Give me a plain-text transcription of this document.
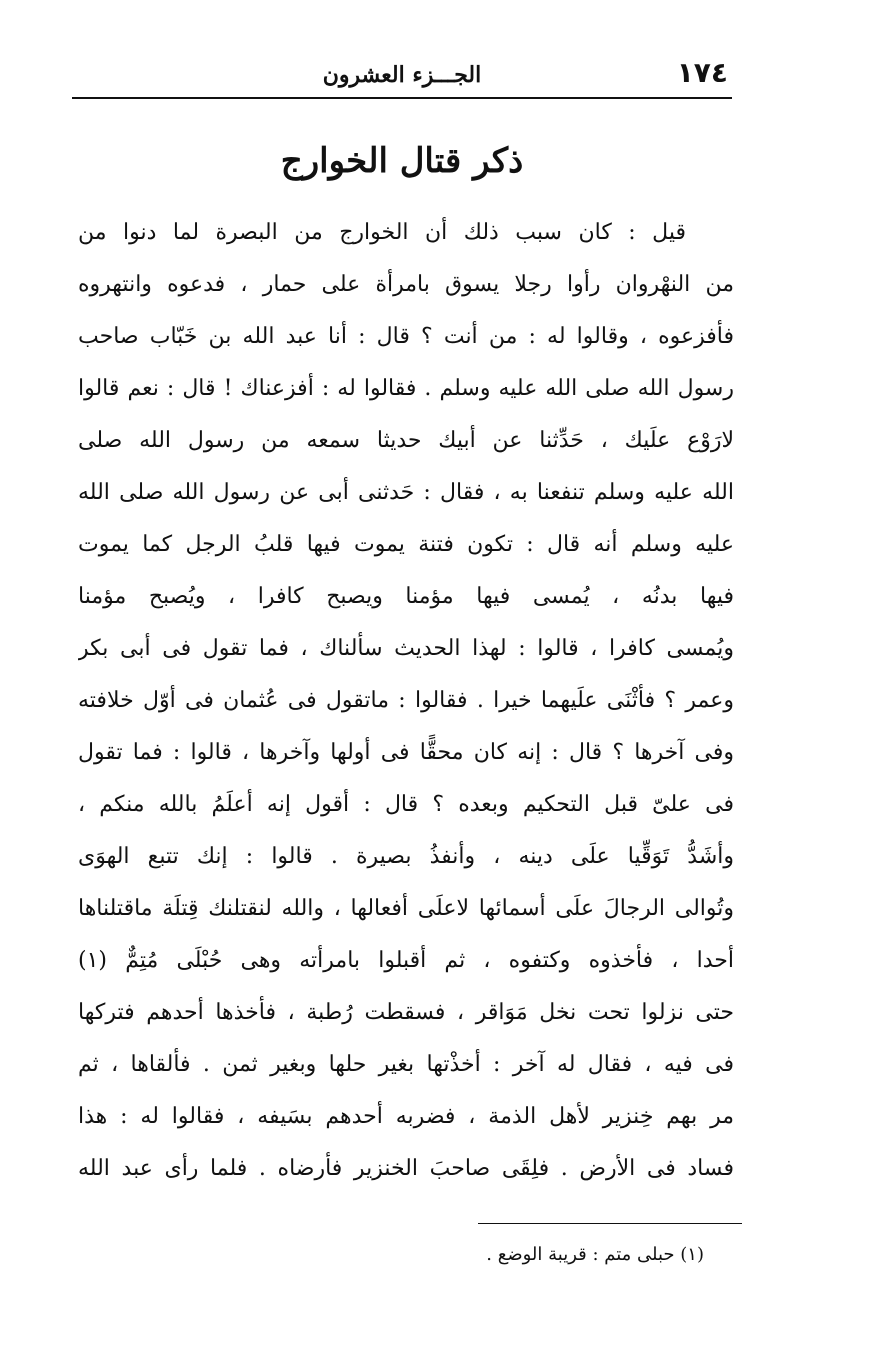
١٧٤
الجـــزء العشرون
ذكر قتال الخوارج
قيل : كان سبب ذلك أن الخوارج من البصرة لما دنوا من
من النهْروان رأوا رجلا يسوق بامرأة على حمار ، فدعوه وانتهروه
فأفزعوه ، وقالوا له : من أنت ؟ قال : أنا عبد الله بن خَبّاب صاحب
رسول الله صلى الله عليه وسلم . فقالوا له : أفزعناك ! قال : نعم قالوا
لارَوْع علَيك ، حَدِّثنا عن أبيك حديثا سمعه من رسول الله صلى
الله عليه وسلم تنفعنا به ، فقال : حَدثنى أبى عن رسول الله صلى الله
عليه وسلم أنه قال : تكون فتنة يموت فيها قلبُ الرجل كما يموت
فيها بدنُه ، يُمسى فيها مؤمنا ويصبح كافرا ، ويُصبح مؤمنا
ويُمسى كافرا ، قالوا : لهذا الحديث سألناك ، فما تقول فى أبى بكر
وعمر ؟ فأثْنَى علَيهما خيرا . فقالوا : ماتقول فى عُثمان فى أوّل خلافته
وفى آخرها ؟ قال : إنه كان محقًّا فى أولها وآخرها ، قالوا : فما تقول
فى علىّ قبل التحكيم وبعده ؟ قال : أقول إنه أعلَمُ بالله منكم ،
وأشَدُّ تَوَقِّيا علَى دينه ، وأنفذُ بصيرة . قالوا : إنك تتبع الهوَى
وتُوالى الرجالَ علَى أسمائها لاعلَى أفعالها ، والله لنقتلنك قِتلَة ماقتلناها
أحدا ، فأخذوه وكتفوه ، ثم أقبلوا بامرأته وهى حُبْلَى مُتِمٌّ (١)
حتى نزلوا تحت نخل مَوَاقر ، فسقطت رُطبة ، فأخذها أحدهم فتركها
فى فيه ، فقال له آخر : أخذْتها بغير حلها وبغير ثمن . فألقاها ، ثم
مر بهم خِنزير لأهل الذمة ، فضربه أحدهم بسَيفه ، فقالوا له : هذا
فساد فى الأرض . فلِقَى صاحبَ الخنزير فأرضاه . فلما رأى عبد الله
(١) حبلى متم : قريبة الوضع .
